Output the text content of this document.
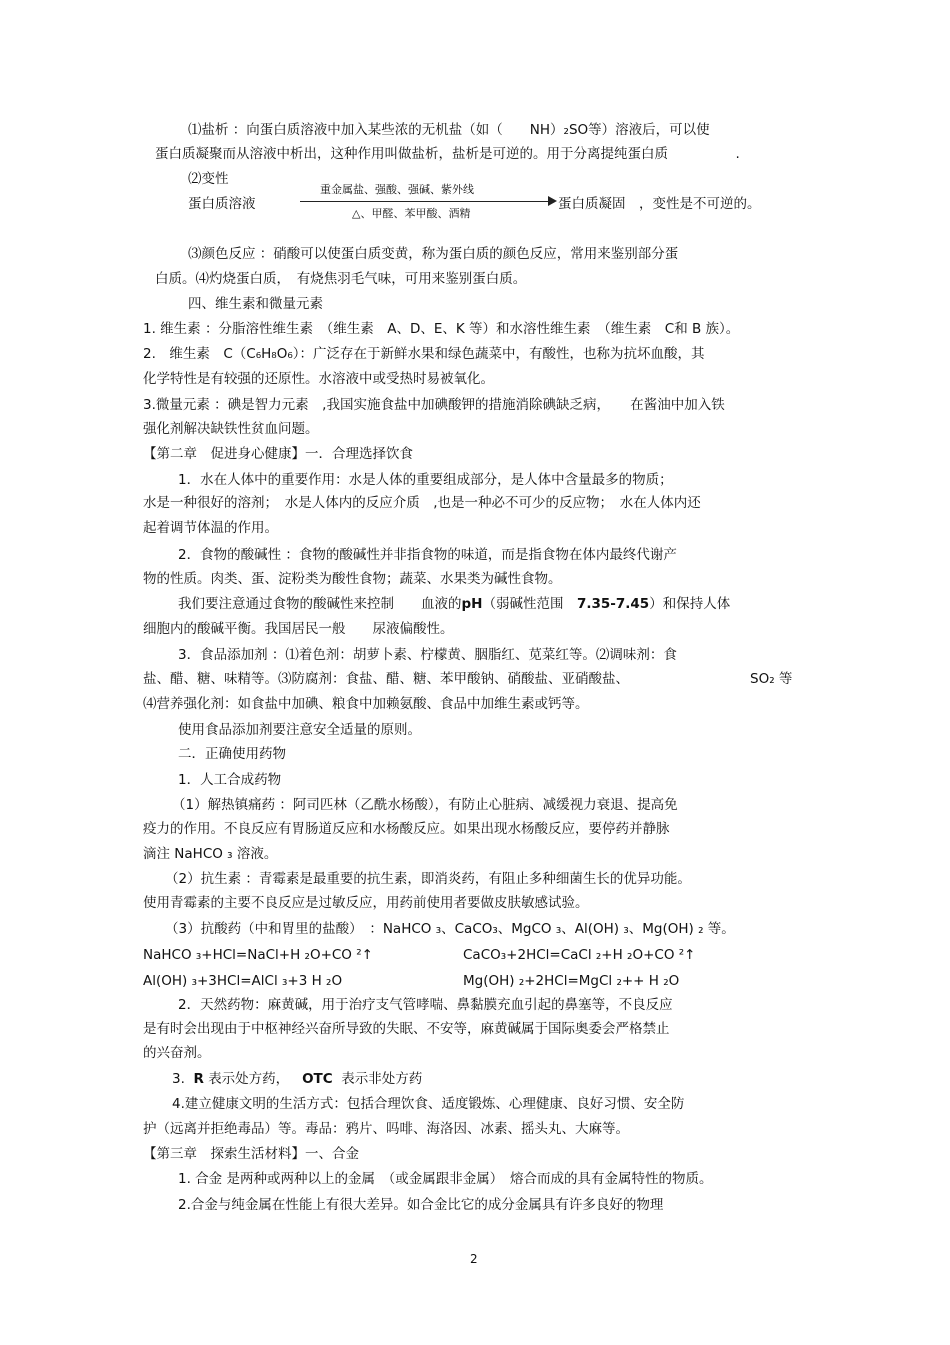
⑴盐析 ：向蛋白质溶液中加入某些浓的无机盐（如（　　NH）₂SO等）溶液后，可以使
蛋白质凝聚而从溶液中析出，这种作用叫做盐析，盐析是可逆的。用于分离提纯蛋白质　　　　　.
⑵变性
蛋白质溶液
重金属盐、强酸、强碱、紫外线
△、甲醛、苯甲酸、酒精
蛋白质凝固　，变性是不可逆的。
⑶颜色反应 ：硝酸可以使蛋白质变黄，称为蛋白质的颜色反应，常用来鉴别部分蛋
白质。⑷灼烧蛋白质，　有烧焦羽毛气味，可用来鉴别蛋白质。
四、维生素和微量元素
1. 维生素 ：分脂溶性维生素　（维生素　A、D、E、K 等）和水溶性维生素　（维生素　C和 B 族）。
2.　维生素　C（C₆H₈O₆）：广泛存在于新鲜水果和绿色蔬菜中，有酸性，也称为抗坏血酸，其
化学特性是有较强的还原性。水溶液中或受热时易被氧化。
3.微量元素 ：碘是智力元素　,我国实施食盐中加碘酸钾的措施消除碘缺乏病，　　在酱油中加入铁
强化剂解决缺铁性贫血问题。
【第二章　促进身心健康】一．合理选择饮食
1．水在人体中的重要作用：水是人体的重要组成部分，是人体中含量最多的物质；
水是一种很好的溶剂；　水是人体内的反应介质　,也是一种必不可少的反应物；　水在人体内还
起着调节体温的作用。
2．食物的酸碱性 ：食物的酸碱性并非指食物的味道，而是指食物在体内最终代谢产
物的性质。肉类、蛋、淀粉类为酸性食物；蔬菜、水果类为碱性食物。
我们要注意通过食物的酸碱性来控制　　血液的pH（弱碱性范围　7.35-7.45）和保持人体
细胞内的酸碱平衡。我国居民一般　　尿液偏酸性。
3．食品添加剂 ：⑴着色剂：胡萝卜素、柠檬黄、胭脂红、苋菜红等。⑵调味剂：食
盐、醋、糖、味精等。⑶防腐剂：食盐、醋、糖、苯甲酸钠、硝酸盐、亚硝酸盐、	SO₂ 等
⑷营养强化剂：如食盐中加碘、粮食中加赖氨酸、食品中加维生素或钙等。
使用食品添加剂要注意安全适量的原则。
二．正确使用药物
1．人工合成药物
（1）解热镇痛药 ：阿司匹林（乙酰水杨酸），有防止心脏病、减缓视力衰退、提高免
疫力的作用。不良反应有胃肠道反应和水杨酸反应。如果出现水杨酸反应，要停药并静脉
滴注 NaHCO ₃ 溶液。
（2）抗生素 ：青霉素是最重要的抗生素，即消炎药，有阻止多种细菌生长的优异功能。
使用青霉素的主要不良反应是过敏反应，用药前使用者要做皮肤敏感试验。
（3）抗酸药（中和胃里的盐酸）　：NaHCO ₃、CaCO₃、MgCO ₃、Al(OH) ₃、Mg(OH) ₂ 等。
NaHCO ₃+HCl=NaCl+H ₂O+CO ²↑	CaCO₃+2HCl=CaCl ₂+H ₂O+CO ²↑
Al(OH) ₃+3HCl=AlCl ₃+3 H ₂O	Mg(OH) ₂+2HCl=MgCl ₂++ H ₂O
2．天然药物：麻黄碱，用于治疗支气管哮喘、鼻黏膜充血引起的鼻塞等，不良反应
是有时会出现由于中枢神经兴奋所导致的失眠、不安等，麻黄碱属于国际奥委会严格禁止
的兴奋剂。
3. R 表示处方药， OTC 表示非处方药
4.建立健康文明的生活方式：包括合理饮食、适度锻炼、心理健康、良好习惯、安全防
护（远离并拒绝毒品）等。毒品：鸦片、吗啡、海洛因、冰素、摇头丸、大麻等。
【第三章　探索生活材料】一、合金
1. 合金 是两种或两种以上的金属　（或金属跟非金属）　熔合而成的具有金属特性的物质。
2.合金与纯金属在性能上有很大差异。如合金比它的成分金属具有许多良好的物理
2
